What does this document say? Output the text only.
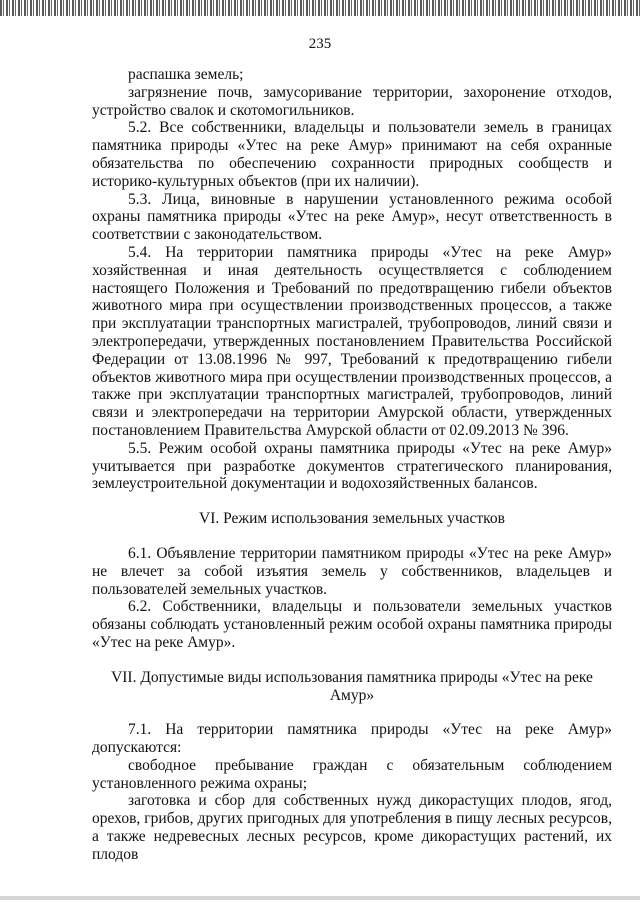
235

распашка земель;

загрязнение почв, замусоривание территории, захоронение отходов, устройство свалок и скотомогильников.

5.2. Все собственники, владельцы и пользователи земель в границах памятника природы «Утес на реке Амур» принимают на себя охранные обязательства по обеспечению сохранности природных сообществ и историко-культурных объектов (при их наличии).

5.3. Лица, виновные в нарушении установленного режима особой охраны памятника природы «Утес на реке Амур», несут ответственность в соответствии с законодательством.

5.4. На территории памятника природы «Утес на реке Амур» хозяйственная и иная деятельность осуществляется с соблюдением настоящего Положения и Требований по предотвращению гибели объектов животного мира при осуществлении производственных процессов, а также при эксплуатации транспортных магистралей, трубопроводов, линий связи и электропередачи, утвержденных постановлением Правительства Российской Федерации от 13.08.1996 № 997, Требований к предотвращению гибели объектов животного мира при осуществлении производственных процессов, а также при эксплуатации транспортных магистралей, трубопроводов, линий связи и электропередачи на территории Амурской области, утвержденных постановлением Правительства Амурской области от 02.09.2013 № 396.

5.5. Режим особой охраны памятника природы «Утес на реке Амур» учитывается при разработке документов стратегического планирования, землеустроительной документации и водохозяйственных балансов.

VI. Режим использования земельных участков

6.1. Объявление территории памятником природы «Утес на реке Амур» не влечет за собой изъятия земель у собственников, владельцев и пользователей земельных участков.

6.2. Собственники, владельцы и пользователи земельных участков обязаны соблюдать установленный режим особой охраны памятника природы «Утес на реке Амур».

VII. Допустимые виды использования памятника природы «Утес на реке Амур»

7.1. На территории памятника природы «Утес на реке Амур» допускаются:

свободное пребывание граждан с обязательным соблюдением установленного режима охраны;

заготовка и сбор для собственных нужд дикорастущих плодов, ягод, орехов, грибов, других пригодных для употребления в пищу лесных ресурсов, а также недревесных лесных ресурсов, кроме дикорастущих растений, их плодов
